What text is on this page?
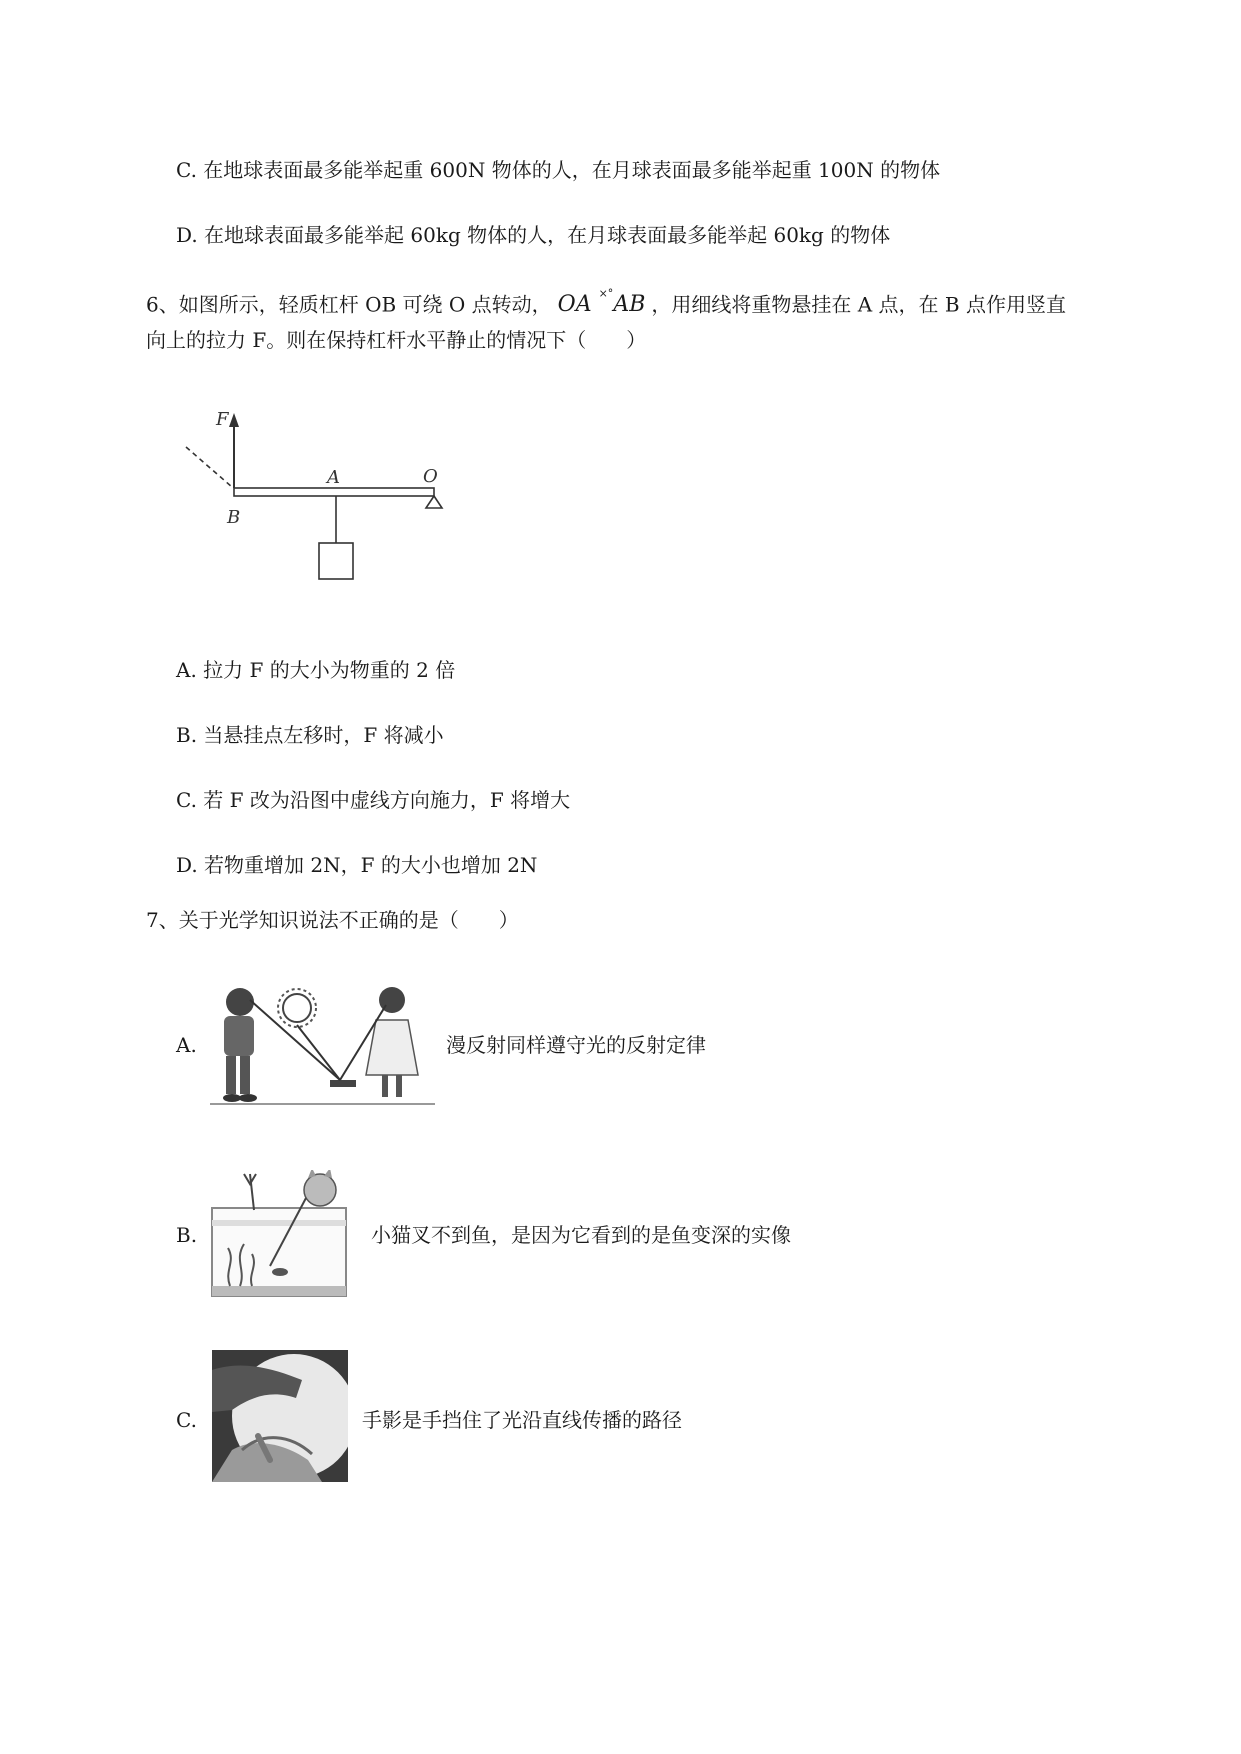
C. 在地球表面最多能举起重 600N 物体的人，在月球表面最多能举起重 100N 的物体
D. 在地球表面最多能举起 60kg 物体的人，在月球表面最多能举起 60kg 的物体
6、如图所示，轻质杠杆 OB 可绕 O 点转动， OA ×°AB ，用细线将重物悬挂在 A 点，在 B 点作用竖直
向上的拉力 F。则在保持杠杆水平静止的情况下（　　）
F
A	O
B
A. 拉力 F 的大小为物重的 2 倍
B. 当悬挂点左移时，F 将减小
C. 若 F 改为沿图中虚线方向施力，F 将增大
D. 若物重增加 2N，F 的大小也增加 2N
7、关于光学知识说法不正确的是（　　）
A.	漫反射同样遵守光的反射定律
B.	小猫叉不到鱼，是因为它看到的是鱼变深的实像
C.	手影是手挡住了光沿直线传播的路径
